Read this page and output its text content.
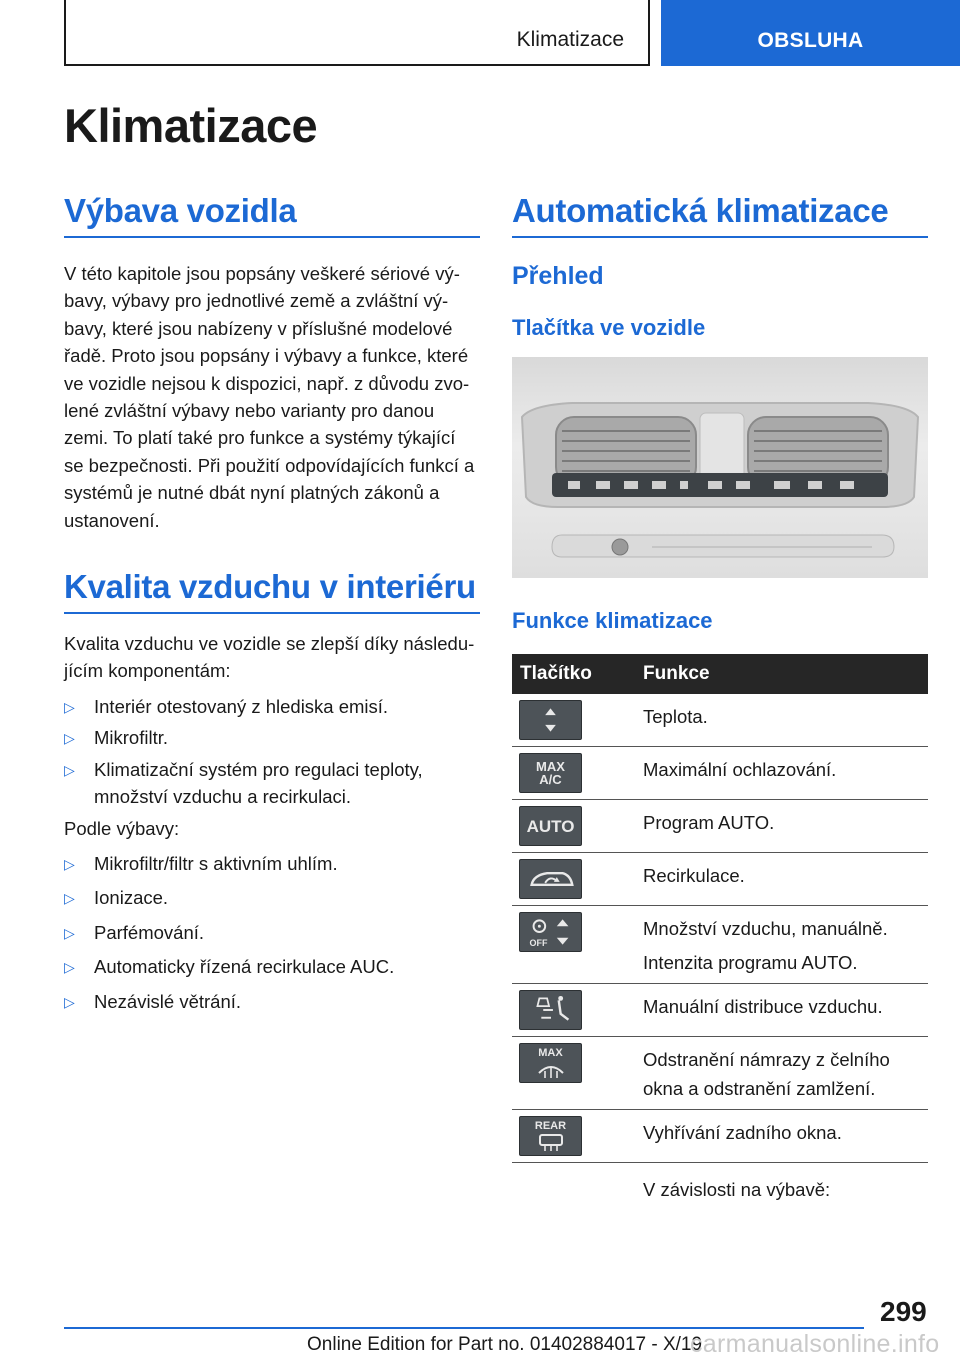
Klimatizace	OBSLUHA
Klimatizace
Výbava vozidla

V této kapitole jsou popsány veškeré sériové vý-bavy, výbavy pro jednotlivé země a zvláštní vý-bavy, které jsou nabízeny v příslušné modelové řadě. Proto jsou popsány i výbavy a funkce, které ve vozidle nejsou k dispozici, např. z důvodu zvo-lené zvláštní výbavy nebo varianty pro danou zemi. To platí také pro funkce a systémy týkající se bezpečnosti. Při použití odpovídajících funkcí a systémů je nutné dbát nyní platných zákonů a ustanovení.

Kvalita vzduchu v interiéru

Kvalita vzduchu ve vozidle se zlepší díky následu-jícím komponentám:

▷ Interiér otestovaný z hlediska emisí.
▷ Mikrofiltr.
▷ Klimatizační systém pro regulaci teploty, množství vzduchu a recirkulaci.

Podle výbavy:

▷ Mikrofiltr/filtr s aktivním uhlím.
▷ Ionizace.
▷ Parfémování.
▷ Automaticky řízená recirkulace AUC.
▷ Nezávislé větrání.
Automatická klimatizace
Přehled
Tlačítka ve vozidle
Funkce klimatizace
Tlačítko	Funkce

	Teplota.

MAX
A/C	Maximální ochlazování.

AUTO	Program AUTO.

	Recirkulace.

OFF	Množství vzduchu, manuálně.
Intenzita programu AUTO.

	Manuální distribuce vzduchu.

MAX	Odstranění námrazy z čelního okna a odstranění zamlžení.

REAR	Vyhřívání zadního okna.
	V závislosti na výbavě:
299
Online Edition for Part no. 01402884017 - X/19
carmanualsonline.info
